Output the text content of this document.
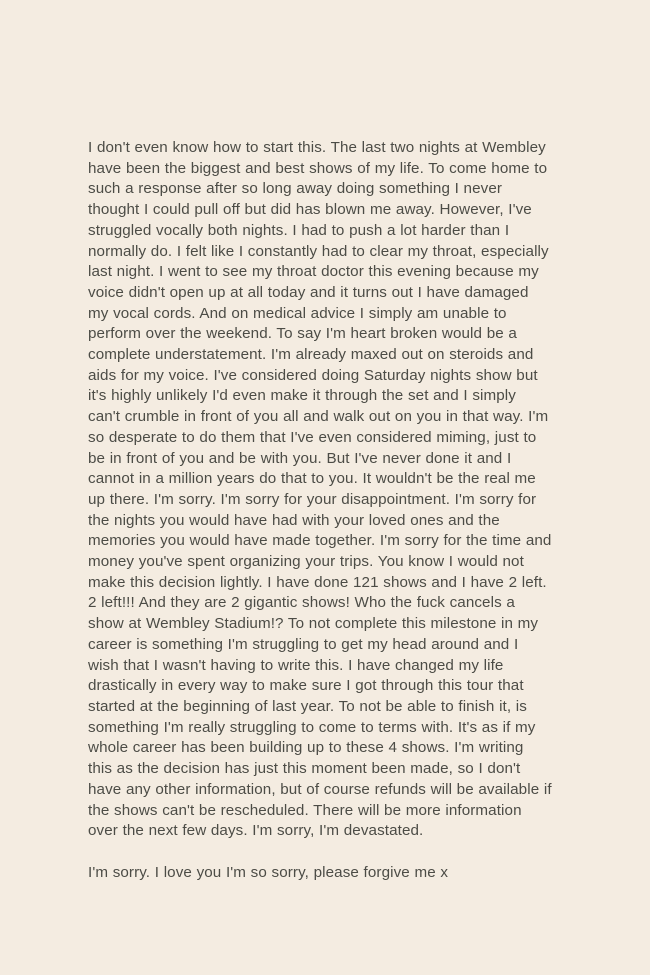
I don't even know how to start this. The last two nights at Wembley have been the biggest and best shows of my life. To come home to such a response after so long away doing something I never thought I could pull off but did has blown me away. However, I've struggled vocally both nights. I had to push a lot harder than I normally do. I felt like I constantly had to clear my throat, especially last night. I went to see my throat doctor this evening because my voice didn't open up at all today and it turns out I have damaged my vocal cords. And on medical advice I simply am unable to perform over the weekend. To say I'm heart broken would be a complete understatement. I'm already maxed out on steroids and aids for my voice. I've considered doing Saturday nights show but it's highly unlikely I'd even make it through the set and I simply can't crumble in front of you all and walk out on you in that way. I'm so desperate to do them that I've even considered miming, just to be in front of you and be with you. But I've never done it and I cannot in a million years do that to you. It wouldn't be the real me up there. I'm sorry. I'm sorry for your disappointment. I'm sorry for the nights you would have had with your loved ones and the memories you would have made together. I'm sorry for the time and money you've spent organizing your trips. You know I would not make this decision lightly. I have done 121 shows and I have 2 left. 2 left!!! And they are 2 gigantic shows! Who the fuck cancels a show at Wembley Stadium!? To not complete this milestone in my career is something I'm struggling to get my head around and I wish that I wasn't having to write this. I have changed my life drastically in every way to make sure I got through this tour that started at the beginning of last year. To not be able to finish it, is something I'm really struggling to come to terms with. It's as if my whole career has been building up to these 4 shows. I'm writing this as the decision has just this moment been made, so I don't have any other information, but of course refunds will be available if the shows can't be rescheduled. There will be more information over the next few days. I'm sorry, I'm devastated.

I'm sorry. I love you I'm so sorry, please forgive me x
